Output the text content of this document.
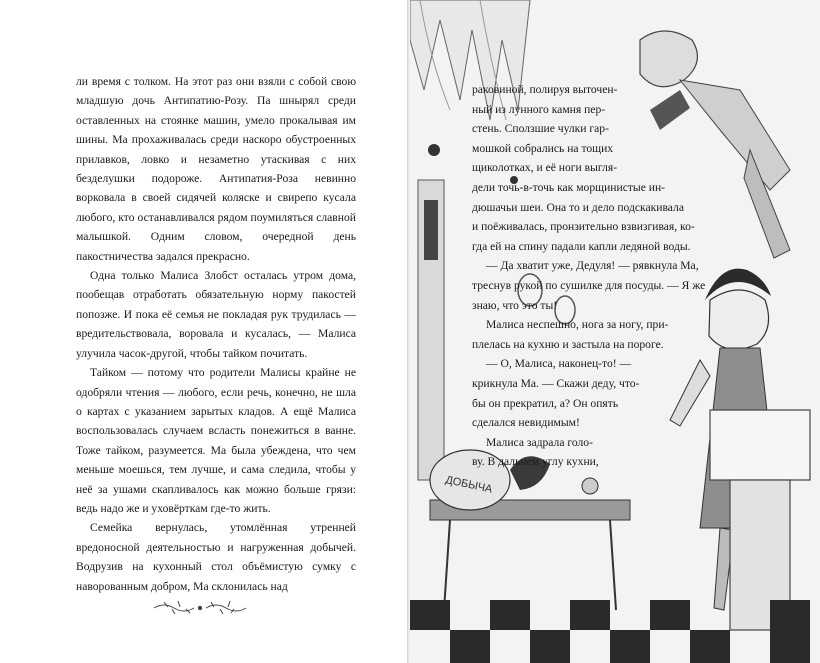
ли время с толком. На этот раз они взяли с собой свою младшую дочь Антипатию-Розу. Па шнырял среди оставленных на стоянке машин, умело прокалывая им шины. Ма прохаживалась среди наскоро обустроенных прилавков, ловко и незаметно утаскивая с них безделушки подороже. Антипатия-Роза невинно ворковала в своей сидячей коляске и свирепо кусала любого, кто останавливался рядом поумиляться славной малышкой. Одним словом, очередной день пакостничества задался прекрасно.

Одна только Малиса Злобст осталась утром дома, пообещав отработать обязательную норму пакостей попозже. И пока её семья не покладая рук трудилась — вредительствовала, воровала и кусалась, — Малиса улучила часок-другой, чтобы тайком почитать.

Тайком — потому что родители Малисы крайне не одобряли чтения — любого, если речь, конечно, не шла о картах с указанием зарытых кладов. А ещё Малиса воспользовалась случаем всласть понежиться в ванне. Тоже тайком, разумеется. Ма была убеждена, что чем меньше моешься, тем лучше, и сама следила, чтобы у неё за ушами скапливалось как можно больше грязи: ведь надо же и уховёрткам где-то жить.

Семейка вернулась, утомлённая утренней вредоносной деятельностью и нагруженная добычей. Водрузив на кухонный стол объёмистую сумку с наворованным добром, Ма склонилась над

ДОБЫЧА
раковиной, полируя выточен-
ный из лунного камня пер-
стень. Сползшие чулки гар-
мошкой собрались на тощих
щиколотках, и её ноги выгля-
дели точь-в-точь как морщинистые ин-
дюшачьи шеи. Она то и дело подскакивала
и поёживалась, пронзительно взвизгивая, ко-
гда ей на спину падали капли ледяной воды.
— Да хватит уже, Дедуля! — рявкнула Ма,
треснув рукой по сушилке для посуды. — Я же
знаю, что это ты!
Малиса неспешно, нога за ногу, при-
плелась на кухню и застыла на пороге.
— О, Малиса, наконец-то! —
крикнула Ма. — Скажи деду, что-
бы он прекратил, а? Он опять
сделался невидимым!
Малиса задрала голо-
ву. В дальнем углу кухни,
